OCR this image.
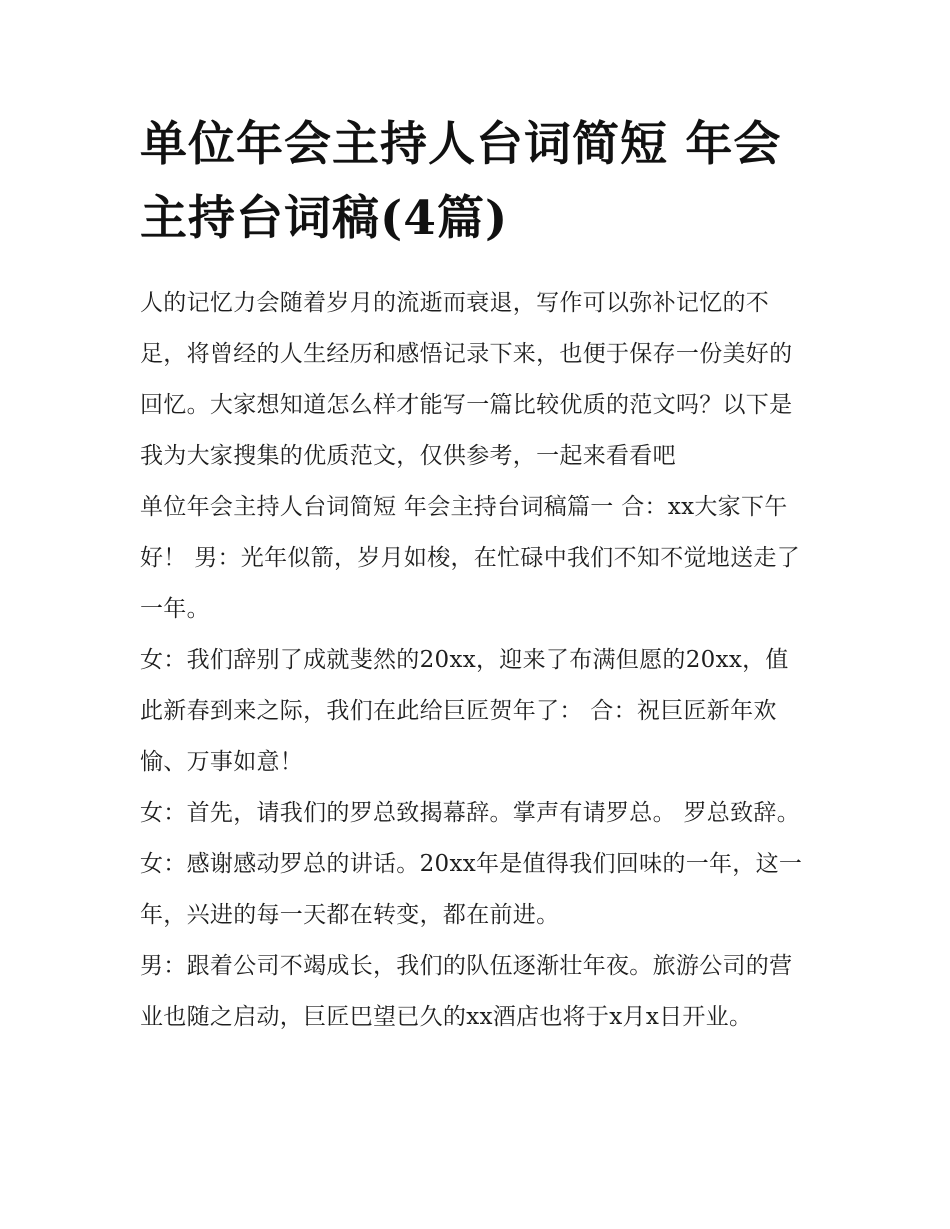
单位年会主持人台词简短 年会主持台词稿(4篇)

人的记忆力会随着岁月的流逝而衰退，写作可以弥补记忆的不足，将曾经的人生经历和感悟记录下来，也便于保存一份美好的回忆。大家想知道怎么样才能写一篇比较优质的范文吗？以下是我为大家搜集的优质范文，仅供参考，一起来看看吧

单位年会主持人台词简短 年会主持台词稿篇一 合：xx大家下午好！ 男：光年似箭，岁月如梭，在忙碌中我们不知不觉地送走了一年。

女：我们辞别了成就斐然的20xx，迎来了布满但愿的20xx，值此新春到来之际，我们在此给巨匠贺年了： 合：祝巨匠新年欢愉、万事如意！

女：首先，请我们的罗总致揭幕辞。掌声有请罗总。 罗总致辞。 女：感谢感动罗总的讲话。20xx年是值得我们回味的一年，这一年，兴进的每一天都在转变，都在前进。

男：跟着公司不竭成长，我们的队伍逐渐壮年夜。旅游公司的营业也随之启动，巨匠巴望已久的xx酒店也将于x月x日开业。
